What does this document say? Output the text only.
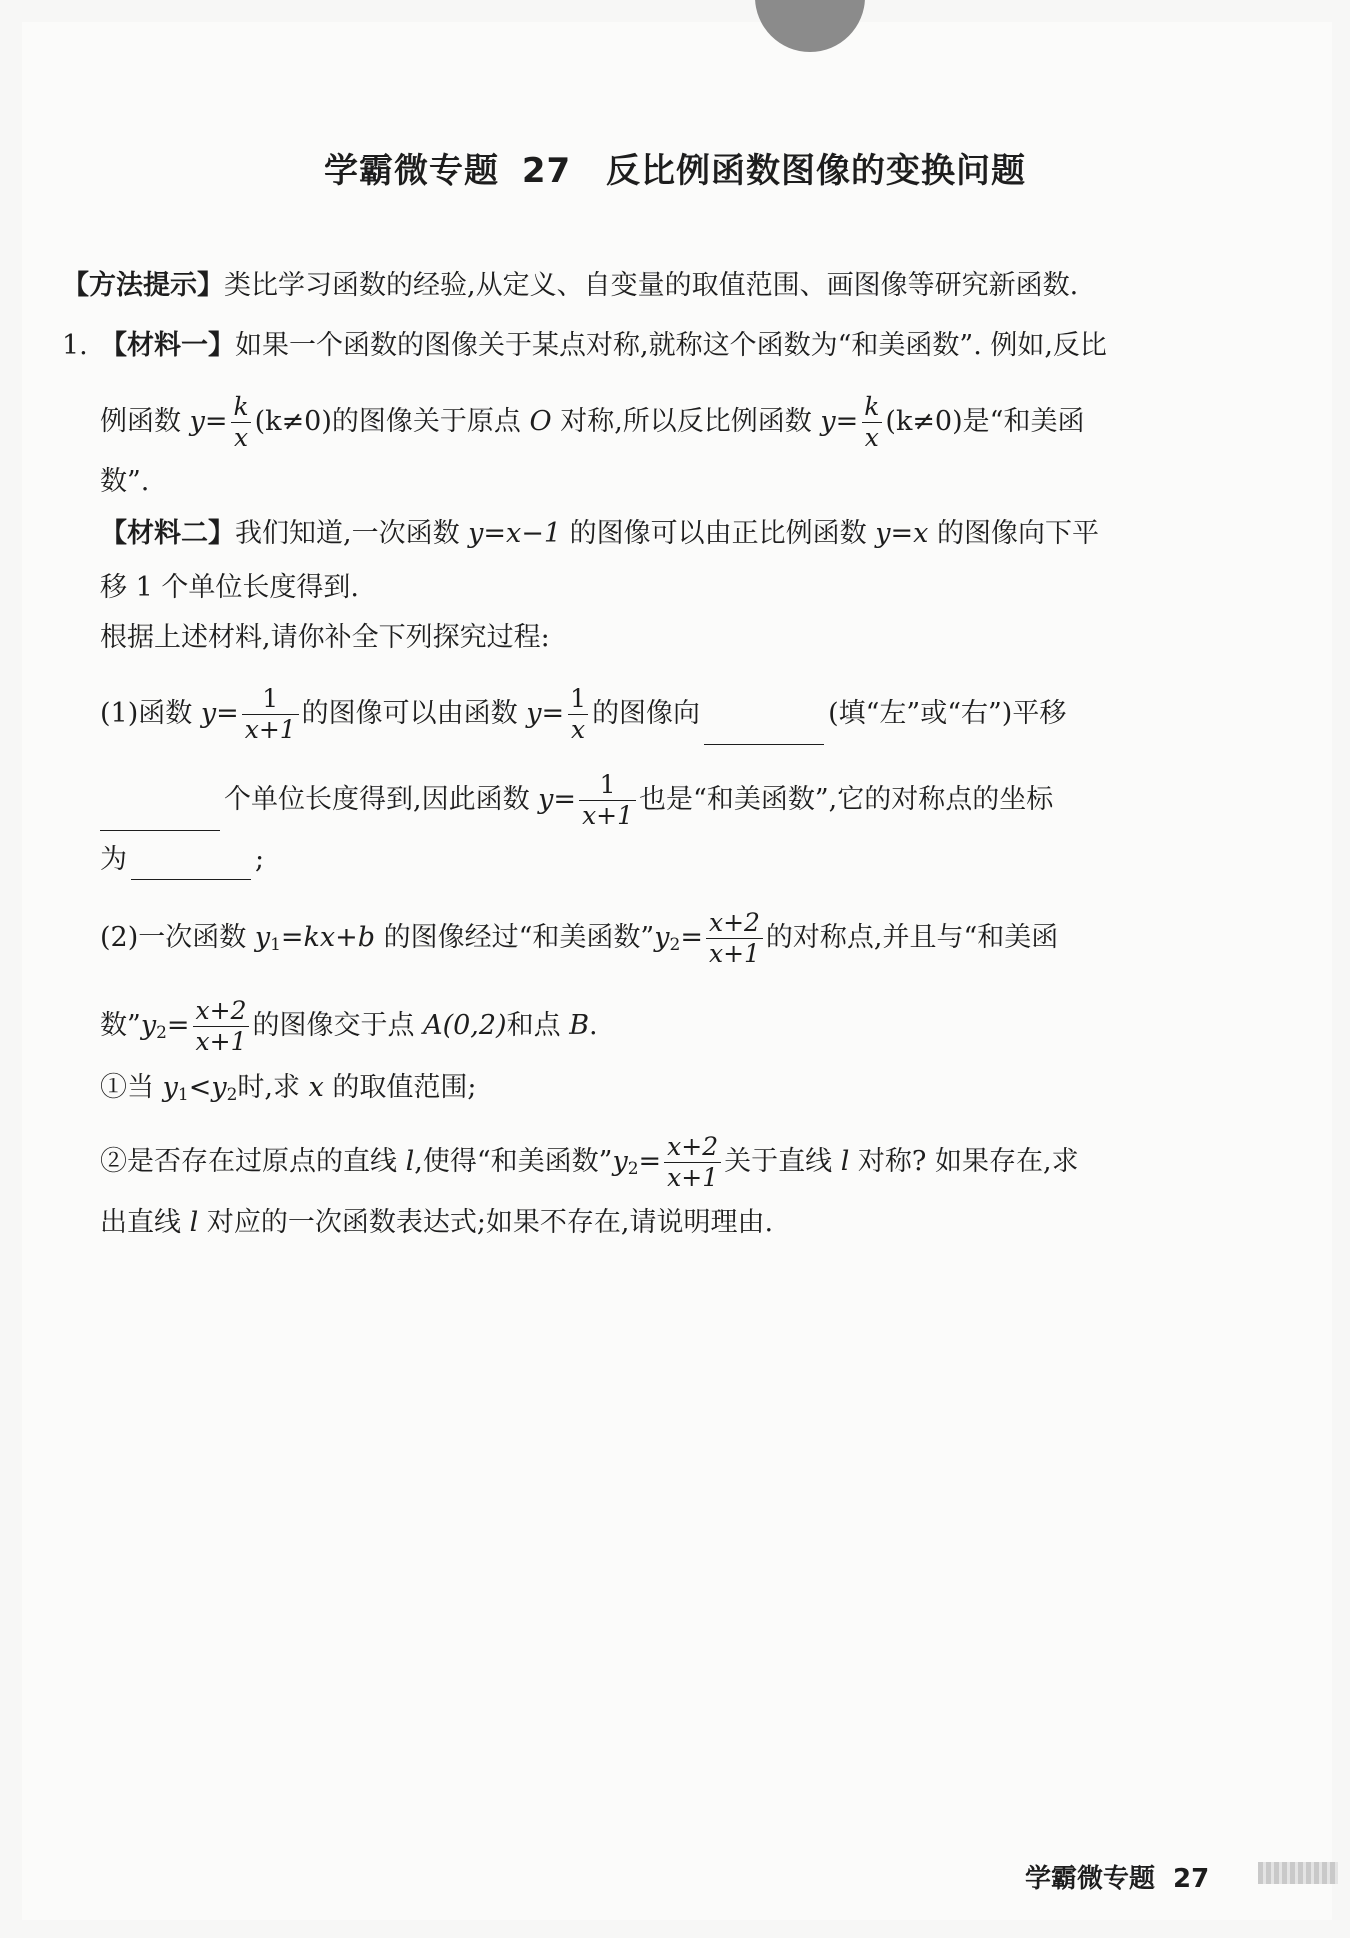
学霸微专题 27 反比例函数图像的变换问题
【方法提示】类比学习函数的经验,从定义、自变量的取值范围、画图像等研究新函数.
1. 【材料一】如果一个函数的图像关于某点对称,就称这个函数为“和美函数”. 例如,反比
例函数 $y= \frac{k}{x} (k\ne 0)$的图像关于原点 O 对称,所以反比例函数 $y= \frac{k}{x} (k\ne 0)$是“和美函
数”.
【材料二】我们知道,一次函数 y=x−1 的图像可以由正比例函数 y=x 的图像向下平
移 1 个单位长度得到.
根据上述材料,请你补全下列探究过程:
(1)函数 $y= \frac{1}{x+1}$ 的图像可以由函数 $y= \frac{1}{x}$ 的图像向	(填“左”或“右”)平移
个单位长度得到,因此函数 $y= \frac{1}{x+1}$ 也是“和美函数”,它的对称点的坐标
为	;
(2)一次函数 $y_1=kx+b$ 的图像经过“和美函数$”y_2= \frac{x+2}{x+1}$ 的对称点,并且与“和美函
数$”y_2= \frac{x+2}{x+1}$ 的图像交于点 A(0,2)和点 B.
①当 $y_1<y_2$时,求 x 的取值范围;
②是否存在过原点的直线 l,使得“和美函数$”y_2= \frac{x+2}{x+1}$ 关于直线 l 对称? 如果存在,求
出直线 l 对应的一次函数表达式;如果不存在,请说明理由.
学霸微专题 27
